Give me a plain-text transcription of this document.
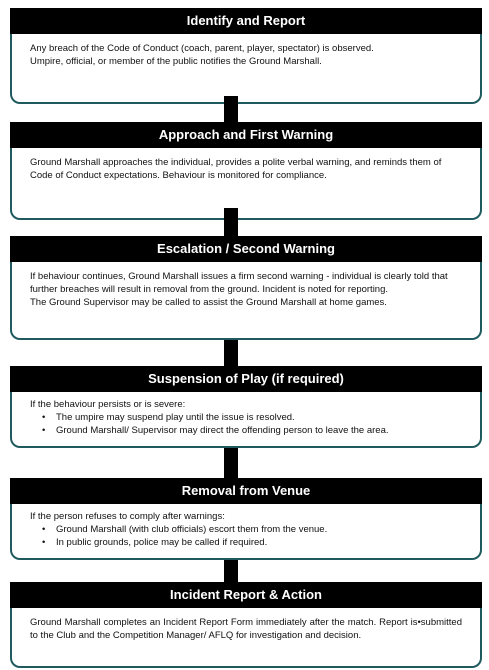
Identify and Report

Any breach of the Code of Conduct (coach, parent, player, spectator) is observed.

Umpire, official, or member of the public notifies the Ground Marshall.

Approach and First Warning

Ground Marshall approaches the individual, provides a polite verbal warning, and reminds them of Code of Conduct expectations. Behaviour is monitored for compliance.

Escalation / Second Warning

If behaviour continues, Ground Marshall issues a firm second warning - individual is clearly told that further breaches will result in removal from the ground. Incident is noted for reporting.

The Ground Supervisor may be called to assist the Ground Marshall at home games.

Suspension of Play (if required)

If the behaviour persists or is severe:

• The umpire may suspend play until the issue is resolved.
• Ground Marshall/ Supervisor may direct the offending person to leave the area.
Removal from Venue

If the person refuses to comply after warnings:

• Ground Marshall (with club officials) escort them from the venue.
• In public grounds, police may be called if required.
Incident Report & Action

Ground Marshall completes an Incident Report Form immediately after the match. Report is•submitted to the Club and the Competition Manager/ AFLQ for investigation and decision.
